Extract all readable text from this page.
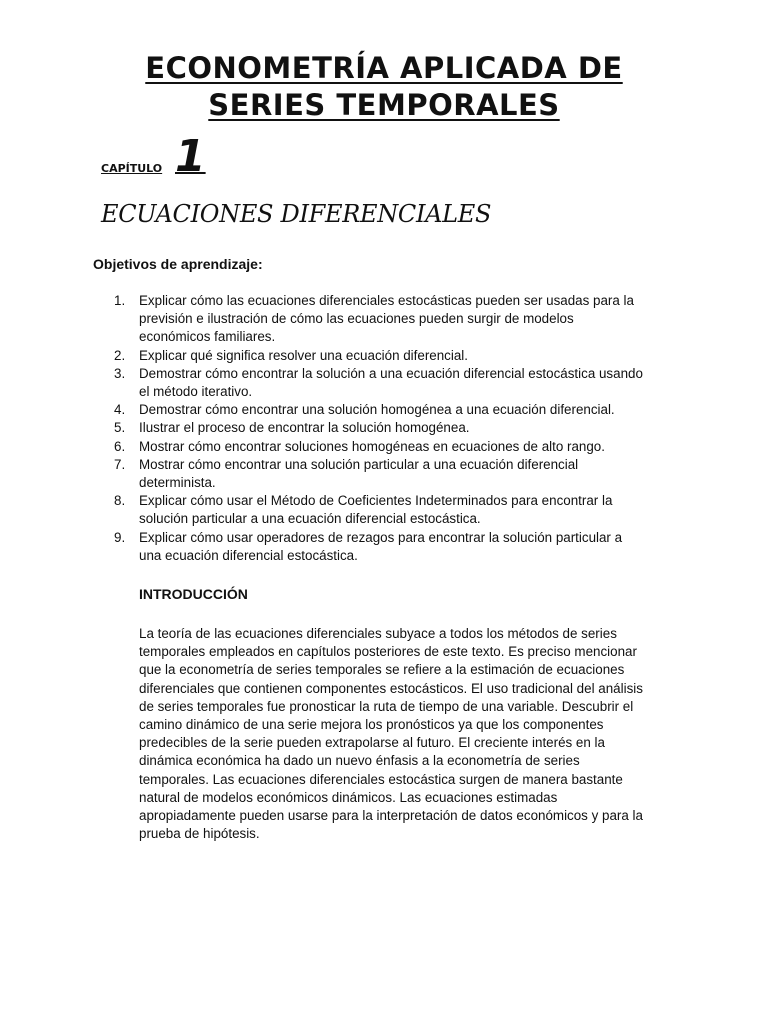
ECONOMETRÍA APLICADA DE
SERIES TEMPORALES
CAPÍTULO 1
ECUACIONES DIFERENCIALES
Objetivos de aprendizaje:
1. Explicar cómo las ecuaciones diferenciales estocásticas pueden ser usadas para la
previsión e ilustración de cómo las ecuaciones pueden surgir de modelos
económicos familiares.
2. Explicar qué significa resolver una ecuación diferencial.
3. Demostrar cómo encontrar la solución a una ecuación diferencial estocástica usando
el método iterativo.
4. Demostrar cómo encontrar una solución homogénea a una ecuación diferencial.
5. Ilustrar el proceso de encontrar la solución homogénea.
6. Mostrar cómo encontrar soluciones homogéneas en ecuaciones de alto rango.
7. Mostrar cómo encontrar una solución particular a una ecuación diferencial
determinista.
8. Explicar cómo usar el Método de Coeficientes Indeterminados para encontrar la
solución particular a una ecuación diferencial estocástica.
9. Explicar cómo usar operadores de rezagos para encontrar la solución particular a
una ecuación diferencial estocástica.
INTRODUCCIÓN
La teoría de las ecuaciones diferenciales subyace a todos los métodos de series
temporales empleados en capítulos posteriores de este texto. Es preciso mencionar
que la econometría de series temporales se refiere a la estimación de ecuaciones
diferenciales que contienen componentes estocásticos. El uso tradicional del análisis
de series temporales fue pronosticar la ruta de tiempo de una variable. Descubrir el
camino dinámico de una serie mejora los pronósticos ya que los componentes
predecibles de la serie pueden extrapolarse al futuro. El creciente interés en la
dinámica económica ha dado un nuevo énfasis a la econometría de series
temporales. Las ecuaciones diferenciales estocástica surgen de manera bastante
natural de modelos económicos dinámicos. Las ecuaciones estimadas
apropiadamente pueden usarse para la interpretación de datos económicos y para la
prueba de hipótesis.
